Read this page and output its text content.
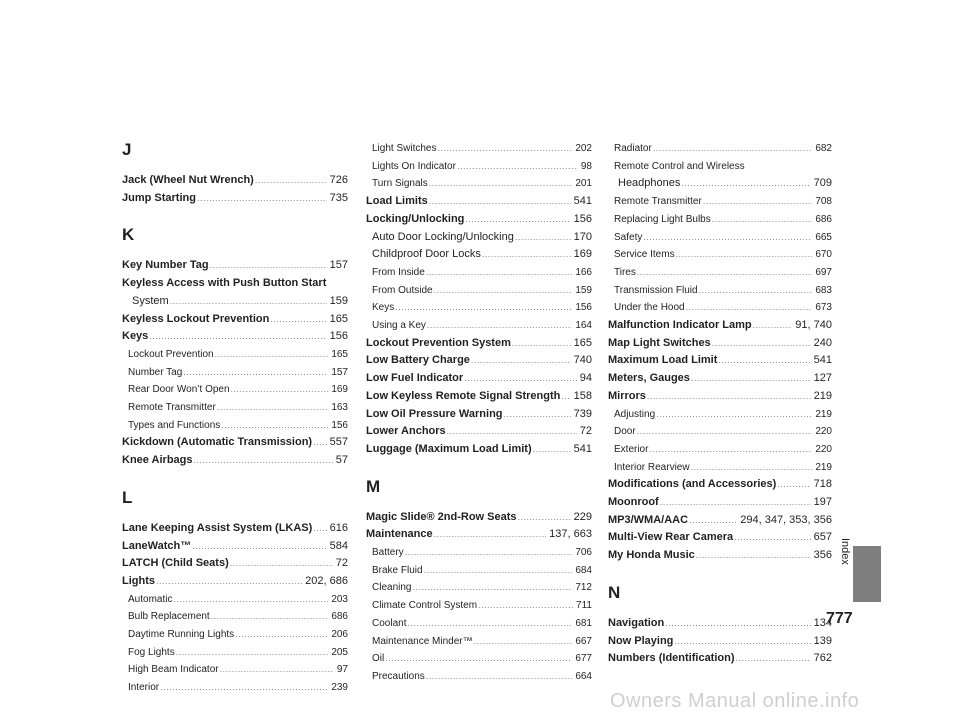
J
Jack (Wheel Nut Wrench) .....	726
Jump Starting .....	735
K
Key Number Tag .....	157
Keyless Access with Push Button Start
System .....	159
Keyless Lockout Prevention .....	165
Keys .....	156
Lockout Prevention .....	165
Number Tag .....	157
Rear Door Won’t Open .....	169
Remote Transmitter .....	163
Types and Functions .....	156
Kickdown (Automatic Transmission) ..... 557
Knee Airbags .....	57
L
Lane Keeping Assist System (LKAS) ..... 616
LaneWatch™ .....	584
LATCH (Child Seats) .....	72
Lights .....	202, 686
Automatic .....	203
Bulb Replacement .....	686
Daytime Running Lights .....	206
Fog Lights .....	205
High Beam Indicator .....	97
Interior .....	239
Light Switches .....	202
Lights On Indicator .....	98
Turn Signals .....	201
Load Limits .....	541
Locking/Unlocking .....	156
Auto Door Locking/Unlocking .....	170
Childproof Door Locks .....	169
From Inside .....	166
From Outside .....	159
Keys .....	156
Using a Key .....	164
Lockout Prevention System .....	165
Low Battery Charge .....	740
Low Fuel Indicator .....	94
Low Keyless Remote Signal Strength ..... 158
Low Oil Pressure Warning .....	739
Lower Anchors .....	72
Luggage (Maximum Load Limit) .....	541
M
Magic Slide® 2nd-Row Seats .....	229
Maintenance .....	137, 663
Battery .....	706
Brake Fluid .....	684
Cleaning .....	712
Climate Control System .....	711
Coolant .....	681
Maintenance Minder™ .....	667
Oil .....	677
Precautions .....	664
Radiator .....	682
Remote Control and Wireless
Headphones .....	709
Remote Transmitter .....	708
Replacing Light Bulbs .....	686
Safety .....	665
Service Items .....	670
Tires .....	697
Transmission Fluid .....	683
Under the Hood .....	673
Malfunction Indicator Lamp .....	91, 740
Map Light Switches .....	240
Maximum Load Limit .....	541
Meters, Gauges .....	127
Mirrors .....	219
Adjusting .....	219
Door .....	220
Exterior .....	220
Interior Rearview .....	219
Modifications (and Accessories) .....	718
Moonroof .....	197
MP3/WMA/AAC .....	294, 347, 353, 356
Multi-View Rear Camera .....	657
My Honda Music .....	356
N
Navigation .....	134
Now Playing .....	139
Numbers (Identification) .....	762
Index
777
Owners Manual online.info
